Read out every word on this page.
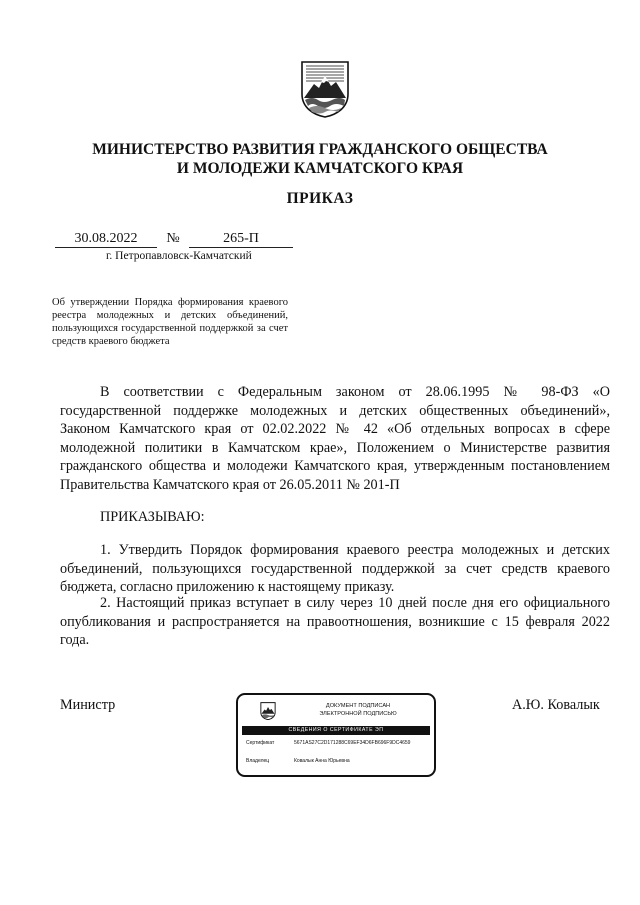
МИНИСТЕРСТВО РАЗВИТИЯ ГРАЖДАНСКОГО ОБЩЕСТВА
И МОЛОДЕЖИ КАМЧАТСКОГО КРАЯ
ПРИКАЗ
30.08.2022 №	265-П
г. Петропавловск-Камчатский
Об утверждении Порядка формирования краевого реестра молодежных и детских объединений, пользующихся государственной поддержкой за счет средств краевого бюджета
В соответствии с Федеральным законом от 28.06.1995 № 98-ФЗ «О государственной поддержке молодежных и детских общественных объединений», Законом Камчатского края от 02.02.2022 № 42 «Об отдельных вопросах в сфере молодежной политики в Камчатском крае», Положением о Министерстве развития гражданского общества и молодежи Камчатского края, утвержденным постановлением Правительства Камчатского края от 26.05.2011 № 201-П
ПРИКАЗЫВАЮ:
1. Утвердить Порядок формирования краевого реестра молодежных и детских объединений, пользующихся государственной поддержкой за счет средств краевого бюджета, согласно приложению к настоящему приказу.
2. Настоящий приказ вступает в силу через 10 дней после дня его официального опубликования и распространяется на правоотношения, возникшие с 15 февраля 2022 года.
Министр	А.Ю. Ковалык
ДОКУМЕНТ ПОДПИСАН
ЭЛЕКТРОННОЙ ПОДПИСЬЮ
СВЕДЕНИЯ О СЕРТИФИКАТЕ ЭП
Сертификат	5671AS27C2D171288C69EF34D6FB696F9DC4659
Владелец	Ковалык Анна Юрьевна
